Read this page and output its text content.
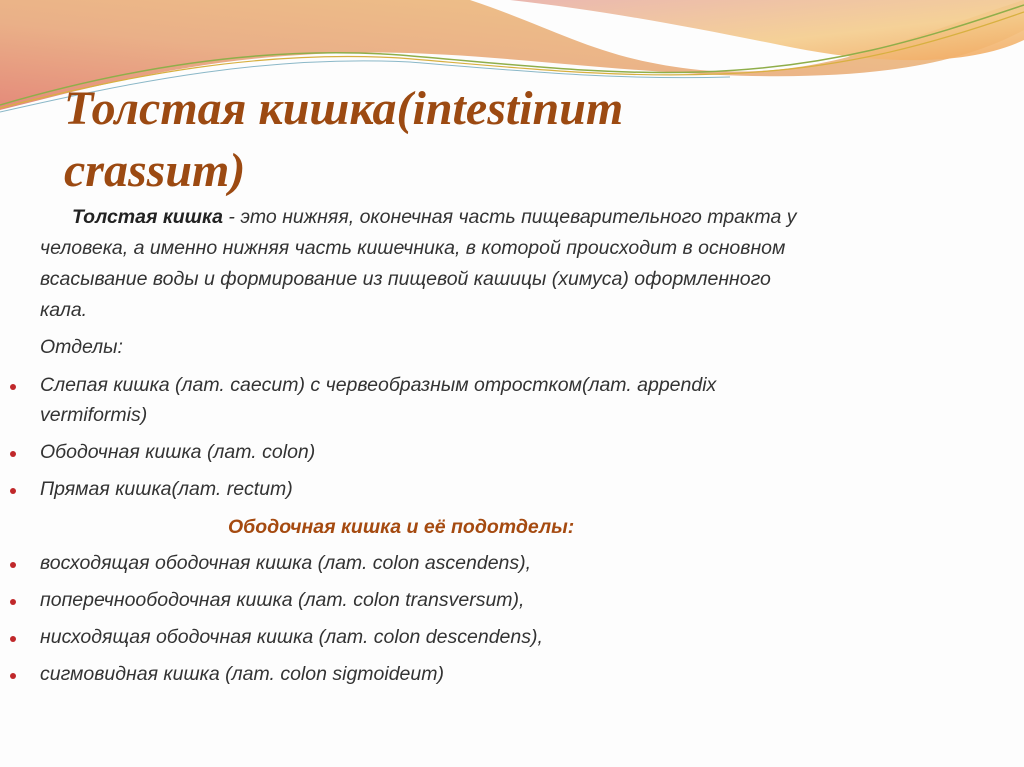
Толстая кишка(intestinum
crassum)
Толстая кишка - это нижняя, оконечная часть пищеварительного тракта у
человека, а именно нижняя часть кишечника, в которой происходит в основном
всасывание воды и формирование из пищевой кашицы (химуса) оформленного
кала.
Отделы:
Слепая кишка (лат. caecum) с червеобразным отростком(лат. appendix
vermiformis)
Ободочная кишка (лат. colon)
Прямая кишка(лат. rectum)
Ободочная кишка и её подотделы:
восходящая ободочная кишка (лат. colon ascendens),
поперечноободочная кишка (лат. colon transversum),
нисходящая ободочная кишка (лат. colon descendens),
сигмовидная кишка (лат. colon sigmoideum)
